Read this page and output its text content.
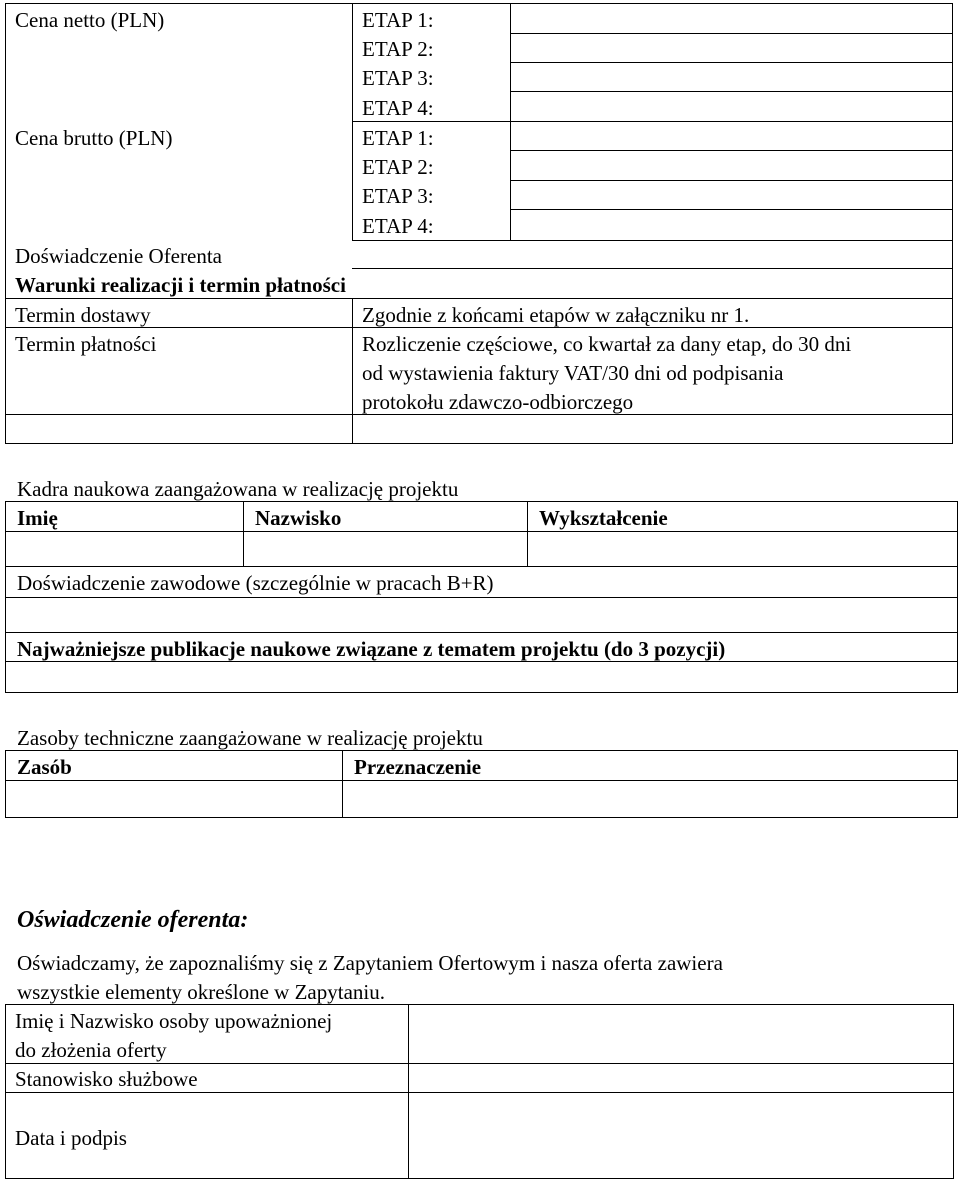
Cena netto (PLN)	ETAP 1:
ETAP 2:
ETAP 3:
ETAP 4:
Cena brutto (PLN)	ETAP 1:
ETAP 2:
ETAP 3:
ETAP 4:
Doświadczenie Oferenta
Warunki realizacji i termin płatności
Termin dostawy	Zgodnie z końcami etapów w załączniku nr 1.
Termin płatności	Rozliczenie częściowe, co kwartał za dany etap, do 30 dni
od wystawienia faktury VAT/30 dni od podpisania
protokołu zdawczo-odbiorczego
Kadra naukowa zaangażowana w realizację projektu
Imię	Nazwisko	Wykształcenie
Doświadczenie zawodowe (szczególnie w pracach B+R)
Najważniejsze publikacje naukowe związane z tematem projektu (do 3 pozycji)
Zasoby techniczne zaangażowane w realizację projektu
Zasób	Przeznaczenie
Oświadczenie oferenta:
Oświadczamy, że zapoznaliśmy się z Zapytaniem Ofertowym i nasza oferta zawiera
wszystkie elementy określone w Zapytaniu.
Imię i Nazwisko osoby upoważnionej
do złożenia oferty
Stanowisko służbowe
Data i podpis
